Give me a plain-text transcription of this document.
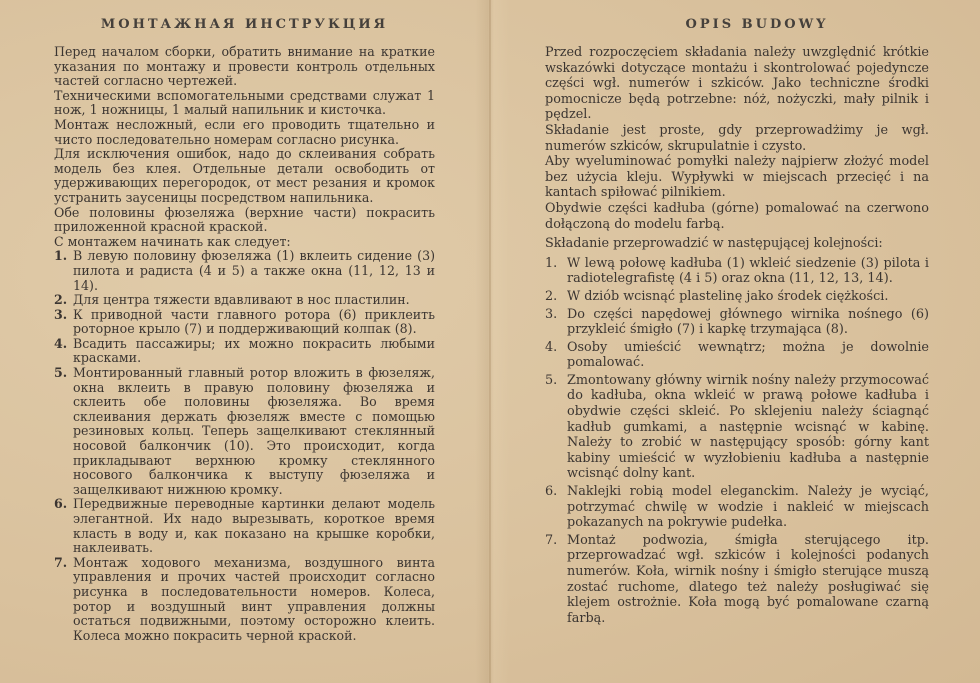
МОНТАЖНАЯ ИНСТРУКЦИЯ

Перед началом сборки, обратить внимание на краткие указания по монтажу и провести контроль отдельных частей согласно чертежей.

Техническими вспомогательными средствами служат 1 нож, 1 ножницы, 1 малый напильник и кисточка.

Монтаж несложный, если его проводить тщательно и чисто последовательно номерам согласно рисунка.

Для исключения ошибок, надо до склеивания собрать модель без клея. Отдельные детали освободить от удерживающих перегородок, от мест резания и кромок устранить заусеницы посредством напильника.

Обе половины фюзеляжа (верхние части) покрасить приложенной красной краской.

С монтажем начинать как следует:

1. В левую половину фюзеляжа (1) вклеить сидение (3) пилота и радиста (4 и 5) а также окна (11, 12, 13 и 14).
2. Для центра тяжести вдавливают в нос пластилин.
3. К приводной части главного ротора (6) приклеить роторное крыло (7) и поддерживающий колпак (8).
4. Всадить пассажиры; их можно покрасить любыми красками.
5. Монтированный главный ротор вложить в фюзеляж, окна вклеить в правую половину фюзеляжа и склеить обе половины фюзеляжа. Во время склеивания держать фюзеляж вместе с помощью резиновых кольц. Теперь защелкивают стеклянный носовой балкончик (10). Это происходит, когда прикладывают верхнюю кромку стеклянного носового балкончика к выступу фюзеляжа и защелкивают нижнюю кромку.
6. Передвижные переводные картинки делают модель элегантной. Их надо вырезывать, короткое время класть в воду и, как показано на крышке коробки, наклеивать.
7. Монтаж ходового механизма, воздушного винта управления и прочих частей происходит согласно рисунка в последовательности номеров. Колеса, ротор и воздушный винт управления должны остаться подвижными, поэтому осторожно клеить. Колеса можно покрасить черной краской.
OPIS BUDOWY

Przed rozpoczęciem składania należy uwzględnić krótkie wskazówki dotyczące montażu i skontrolować pojedyncze części wgł. numerów i szkiców. Jako techniczne środki pomocnicze będą potrzebne: nóż, nożyczki, mały pilnik i pędzel.

Składanie jest proste, gdy przeprowadżimy je wgł. numerów szkiców, skrupulatnie i czysto.

Aby wyeluminować pomyłki należy najpierw złożyć model bez użycia kleju. Wypływki w miejscach przecięć i na kantach spiłować pilnikiem.

Obydwie części kadłuba (górne) pomalować na czerwono dołączoną do modelu farbą.

Składanie przeprowadzić w następującej kolejności:

1. W lewą połowę kadłuba (1) wkleić siedzenie (3) pilota i radiotelegrafistę (4 i 5) oraz okna (11, 12, 13, 14).
2. W dziób wcisnąć plastelinę jako środek ciężkości.
3. Do części napędowej głównego wirnika nośnego (6) przykleić śmigło (7) i kapkę trzymająca (8).
4. Osoby umieścić wewnątrz; można je dowolnie pomalować.
5. Zmontowany główny wirnik nośny należy przymocować do kadłuba, okna wkleić w prawą połowe kadłuba i obydwie części skleić. Po sklejeniu należy ściagnąć kadłub gumkami, a następnie wcisnąć w kabinę. Należy to zrobić w następujący sposób: górny kant kabiny umieścić w wyzłobieniu kadłuba a następnie wcisnąć dolny kant.
6. Naklejki robią model eleganckim. Należy je wyciąć, potrzymać chwilę w wodzie i nakleić w miejscach pokazanych na pokrywie pudełka.
7. Montaż podwozia, śmigła sterującego itp. przeprowadzać wgł. szkiców i kolejności podanych numerów. Koła, wirnik nośny i śmigło sterujące muszą zostać ruchome, dlatego też należy posługiwać się klejem ostrożnie. Koła mogą być pomalowane czarną farbą.
